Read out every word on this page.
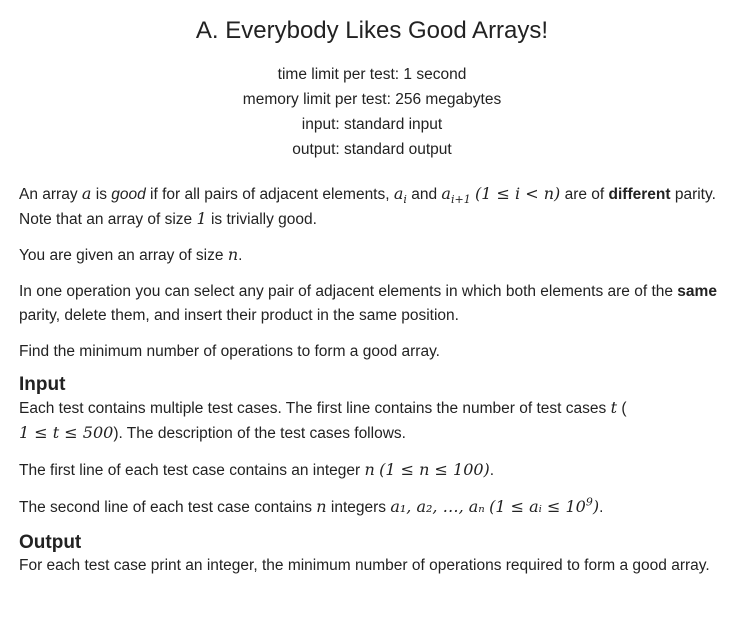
A. Everybody Likes Good Arrays!
time limit per test: 1 second
memory limit per test: 256 megabytes
input: standard input
output: standard output

An array a is good if for all pairs of adjacent elements, $a_i$ and $a_{i+1}$ (1 ≤ i < n) are of different parity. Note that an array of size 1 is trivially good.

You are given an array of size n.

In one operation you can select any pair of adjacent elements in which both elements are of the same parity, delete them, and insert their product in the same position.

Find the minimum number of operations to form a good array.

Input

Each test contains multiple test cases. The first line contains the number of test cases t (
1 ≤ t ≤ 500). The description of the test cases follows.

The first line of each test case contains an integer n (1 ≤ n ≤ 100).

The second line of each test case contains n integers a₁, a₂, …, aₙ (1 ≤ aᵢ ≤ $10^9$).

Output

For each test case print an integer, the minimum number of operations required to form a good array.
